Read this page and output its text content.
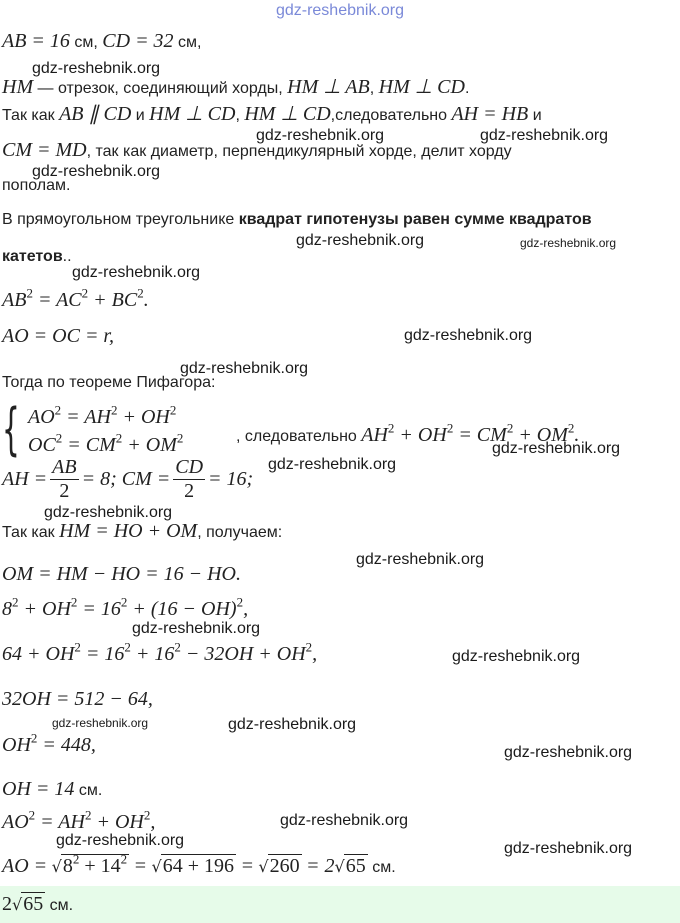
gdz-reshebnik.org
AB = 16 см, CD = 32 см,
HM — отрезок, соединяющий хорды, HM ⊥ AB, HM ⊥ CD.
Так как AB ∥ CD и HM ⊥ CD, HM ⊥ CD,следовательно AH = HB и
CM = MD, так как диаметр, перпендикулярный хорде, делит хорду
пополам.
В прямоугольном треугольнике квадрат гипотенузы равен сумме квадратов
катетов..
$AB^2 = AC^2 + BC^2$.
AO = OC = r,
Тогда по теореме Пифагора:
{ $AO^2 = AH^2 + OH^2$
$OC^2 = CM^2 + OM^2$	, следовательно $AH^2 + OH^2 = CM^2 + OM^2$.
AH = $\frac{AB}{2} = 8$; CM = $\frac{CD}{2} = 16$;
Так как HM = HO + OM, получаем:
OM = HM − HO = 16 − HO.
$8^2 + OH^2 = 16^2 + (16 - OH)^2$,
$64 + OH^2 = 16^2 + 16^2 - 32OH + OH^2$,
32OH = 512 − 64,
$OH^2 = 448$,
OH = 14 см.
$AO^2 = AH^2 + OH^2$,
AO = $√8^2 + 14^2 = √64 + 196 = √260 = 2√65$ см.
2√65 см.
gdz-reshebnik.org
gdz-reshebnik.org	gdz-reshebnik.org
gdz-reshebnik.org
gdz-reshebnik.org	gdz-reshebnik.org
gdz-reshebnik.org
gdz-reshebnik.org
gdz-reshebnik.org
gdz-reshebnik.org
gdz-reshebnik.org
gdz-reshebnik.org
gdz-reshebnik.org
gdz-reshebnik.org
gdz-reshebnik.org
gdz-reshebnik.org	gdz-reshebnik.org
gdz-reshebnik.org
gdz-reshebnik.org
gdz-reshebnik.org	gdz-reshebnik.org
